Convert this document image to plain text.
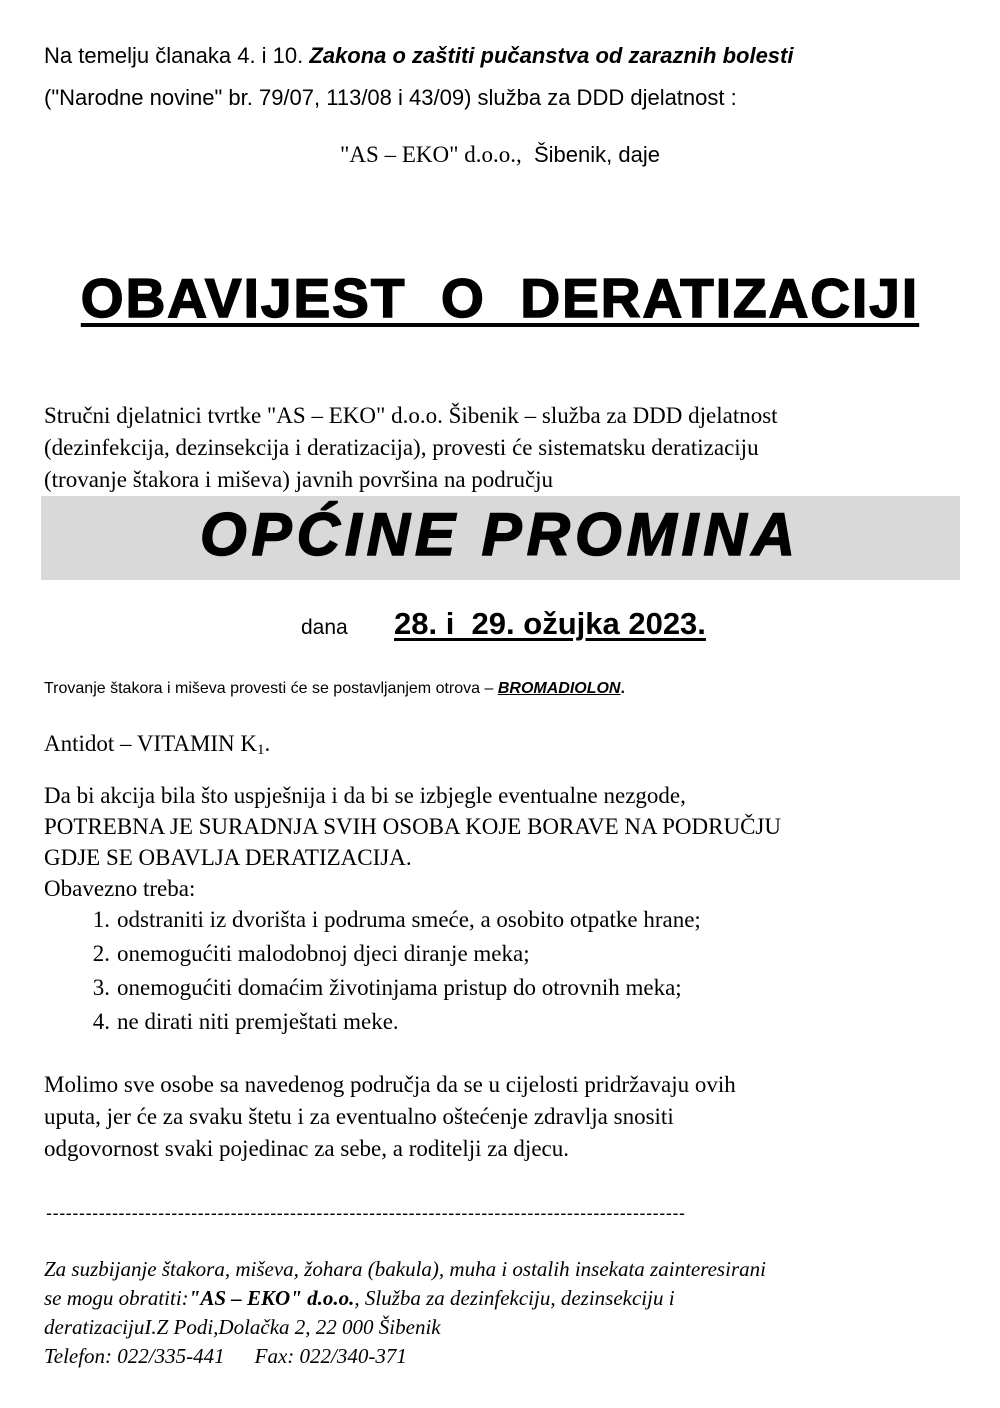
Na temelju članaka 4. i 10. Zakona o zaštiti pučanstva od zaraznih bolesti
("Narodne novine" br. 79/07, 113/08 i 43/09) služba za DDD djelatnost :
"AS – EKO" d.o.o.,  Šibenik, daje
OBAVIJEST  O  DERATIZACIJI
Stručni djelatnici tvrtke "AS – EKO" d.o.o. Šibenik – služba za DDD djelatnost
(dezinfekcija, dezinsekcija i deratizacija), provesti će sistematsku deratizaciju
(trovanje štakora i miševa) javnih površina na području
OPĆINE PROMINA
dana 28. i  29. ožujka 2023.
Trovanje štakora i miševa provesti će se postavljanjem otrova – BROMADIOLON.
Antidot – VITAMIN $K_1$.
Da bi akcija bila što uspješnija i da bi se izbjegle eventualne nezgode,
POTREBNA JE SURADNJA SVIH OSOBA KOJE BORAVE NA PODRUČJU
GDJE SE OBAVLJA DERATIZACIJA.
Obavezno treba:
1. odstraniti iz dvorišta i podruma smeće, a osobito otpatke hrane;
2. onemogućiti malodobnoj djeci diranje meka;
3. onemogućiti domaćim životinjama pristup do otrovnih meka;
4. ne dirati niti premještati meke.
Molimo sve osobe sa navedenog područja da se u cijelosti pridržavaju ovih
uputa, jer će za svaku štetu i za eventualno oštećenje zdravlja snositi
odgovornost svaki pojedinac za sebe, a roditelji za djecu.
-------------------------------------------------------------------------------------------------
Za suzbijanje štakora, miševa, žohara (bakula), muha i ostalih insekata zainteresirani
se mogu obratiti:"AS – EKO" d.o.o., Služba za dezinfekciju, dezinsekciju i
deratizacijuI.Z Podi,Dolačka 2, 22 000 Šibenik
Telefon: 022/335-441 Fax: 022/340-371
